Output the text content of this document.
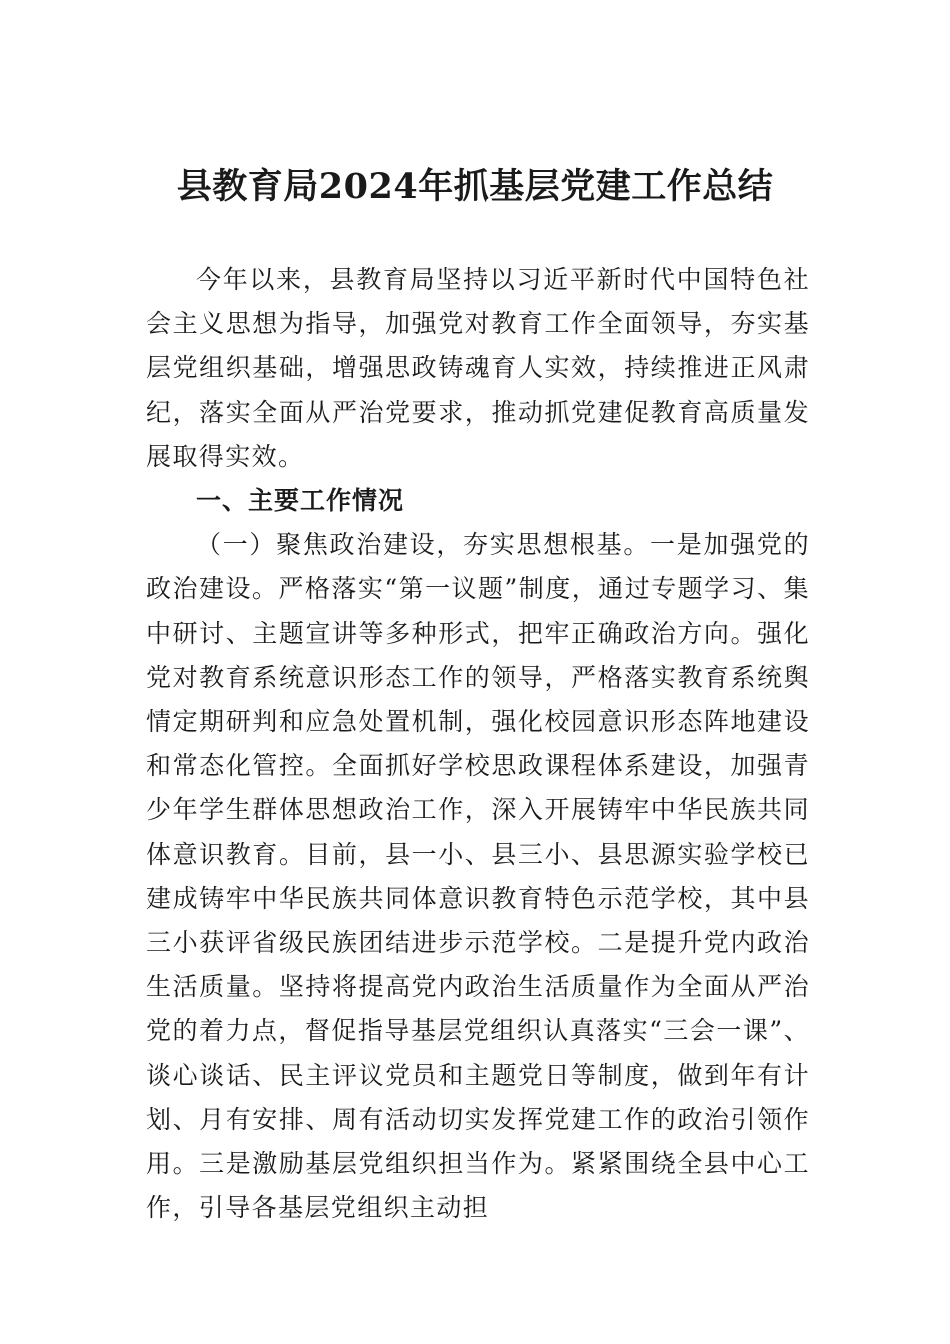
县教育局2024年抓基层党建工作总结

今年以来，县教育局坚持以习近平新时代中国特色社会主义思想为指导，加强党对教育工作全面领导，夯实基层党组织基础，增强思政铸魂育人实效，持续推进正风肃纪，落实全面从严治党要求，推动抓党建促教育高质量发展取得实效。

一、主要工作情况

（一）聚焦政治建设，夯实思想根基。一是加强党的政治建设。严格落实“第一议题”制度，通过专题学习、集中研讨、主题宣讲等多种形式，把牢正确政治方向。强化党对教育系统意识形态工作的领导，严格落实教育系统舆情定期研判和应急处置机制，强化校园意识形态阵地建设和常态化管控。全面抓好学校思政课程体系建设，加强青少年学生群体思想政治工作，深入开展铸牢中华民族共同体意识教育。目前，县一小、县三小、县思源实验学校已建成铸牢中华民族共同体意识教育特色示范学校，其中县三小获评省级民族团结进步示范学校。二是提升党内政治生活质量。坚持将提高党内政治生活质量作为全面从严治党的着力点，督促指导基层党组织认真落实“三会一课”、谈心谈话、民主评议党员和主题党日等制度，做到年有计划、月有安排、周有活动切实发挥党建工作的政治引领作用。三是激励基层党组织担当作为。紧紧围绕全县中心工作，引导各基层党组织主动担
